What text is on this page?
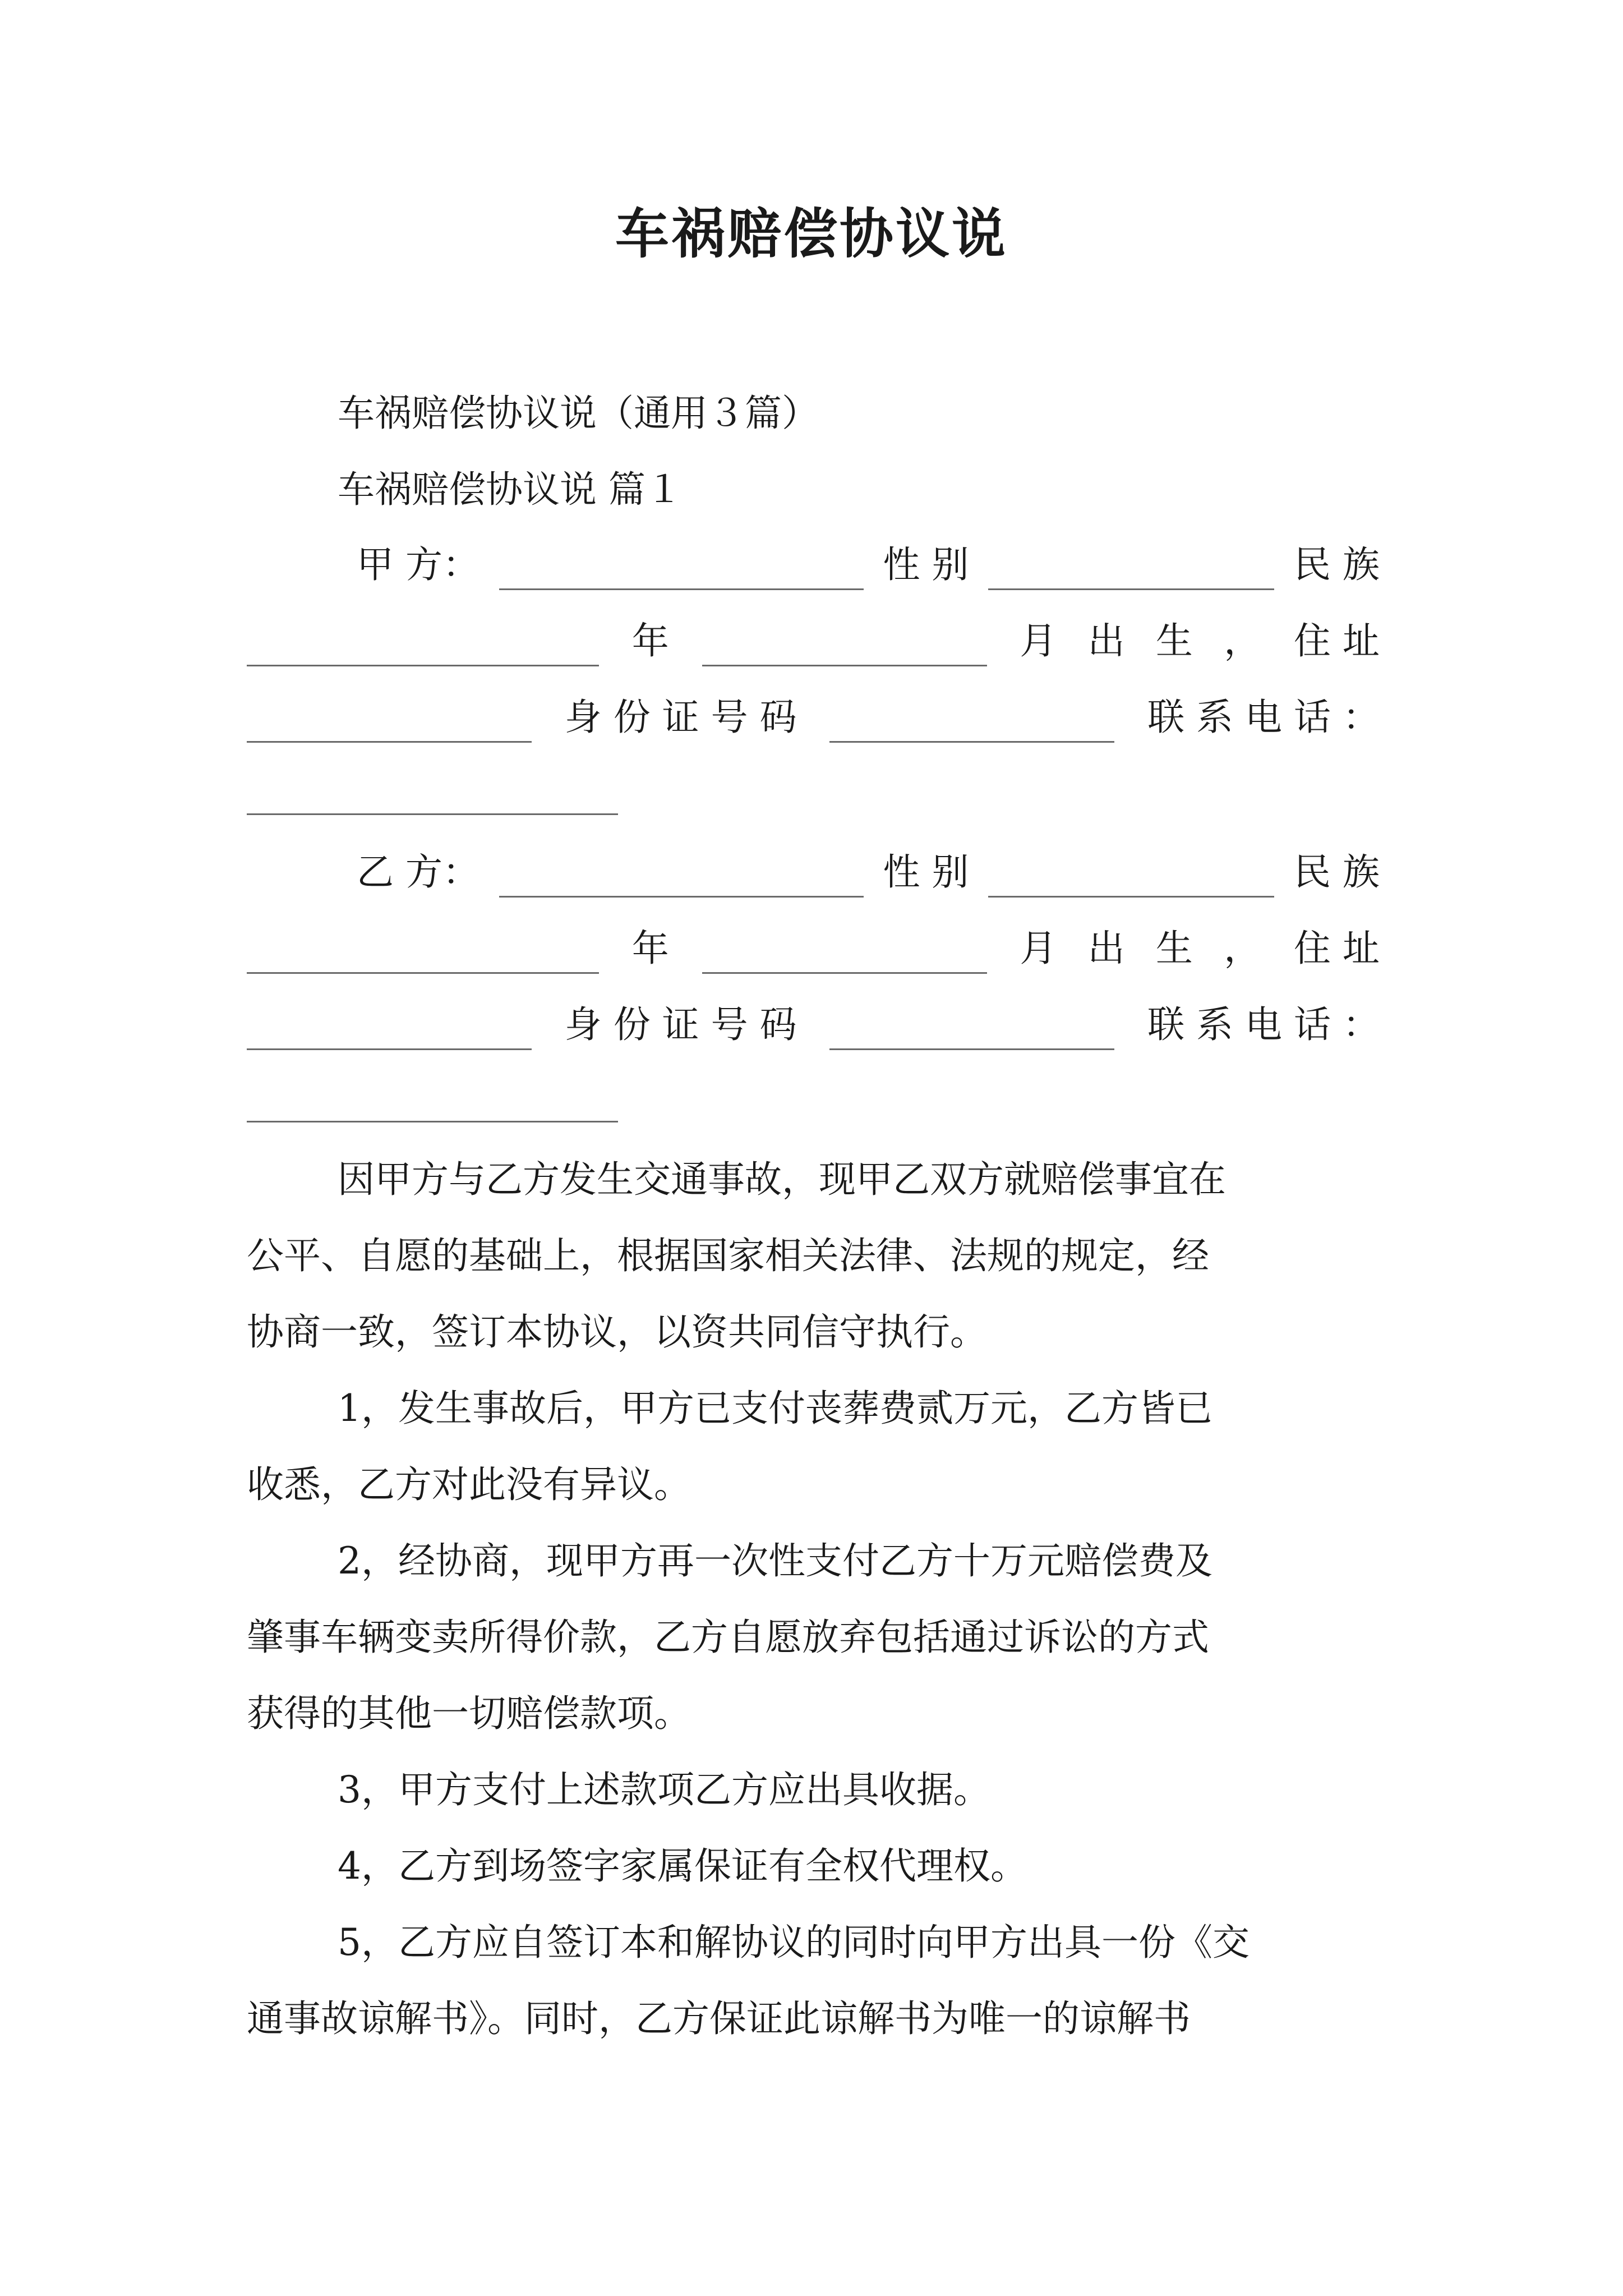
车祸赔偿协议说
车祸赔偿协议说（通用３篇）
车祸赔偿协议说 篇１
甲 方：	性 别	民 族
年	月 出 生 ， 住 址
身 份 证 号 码	联 系 电 话 ：
乙 方：	性 别	民 族
年	月 出 生 ， 住 址
身 份 证 号 码	联 系 电 话 ：
因甲方与乙方发生交通事故，现甲乙双方就赔偿事宜在
公平、自愿的基础上，根据国家相关法律、法规的规定，经
协商一致，签订本协议，以资共同信守执行。
1，发生事故后，甲方已支付丧葬费贰万元，乙方皆已
收悉，乙方对此没有异议。
2，经协商，现甲方再一次性支付乙方十万元赔偿费及
肇事车辆变卖所得价款，乙方自愿放弃包括通过诉讼的方式
获得的其他一切赔偿款项。
3，甲方支付上述款项乙方应出具收据。
4，乙方到场签字家属保证有全权代理权。
5，乙方应自签订本和解协议的同时向甲方出具一份《交
通事故谅解书》。同时，乙方保证此谅解书为唯一的谅解书
